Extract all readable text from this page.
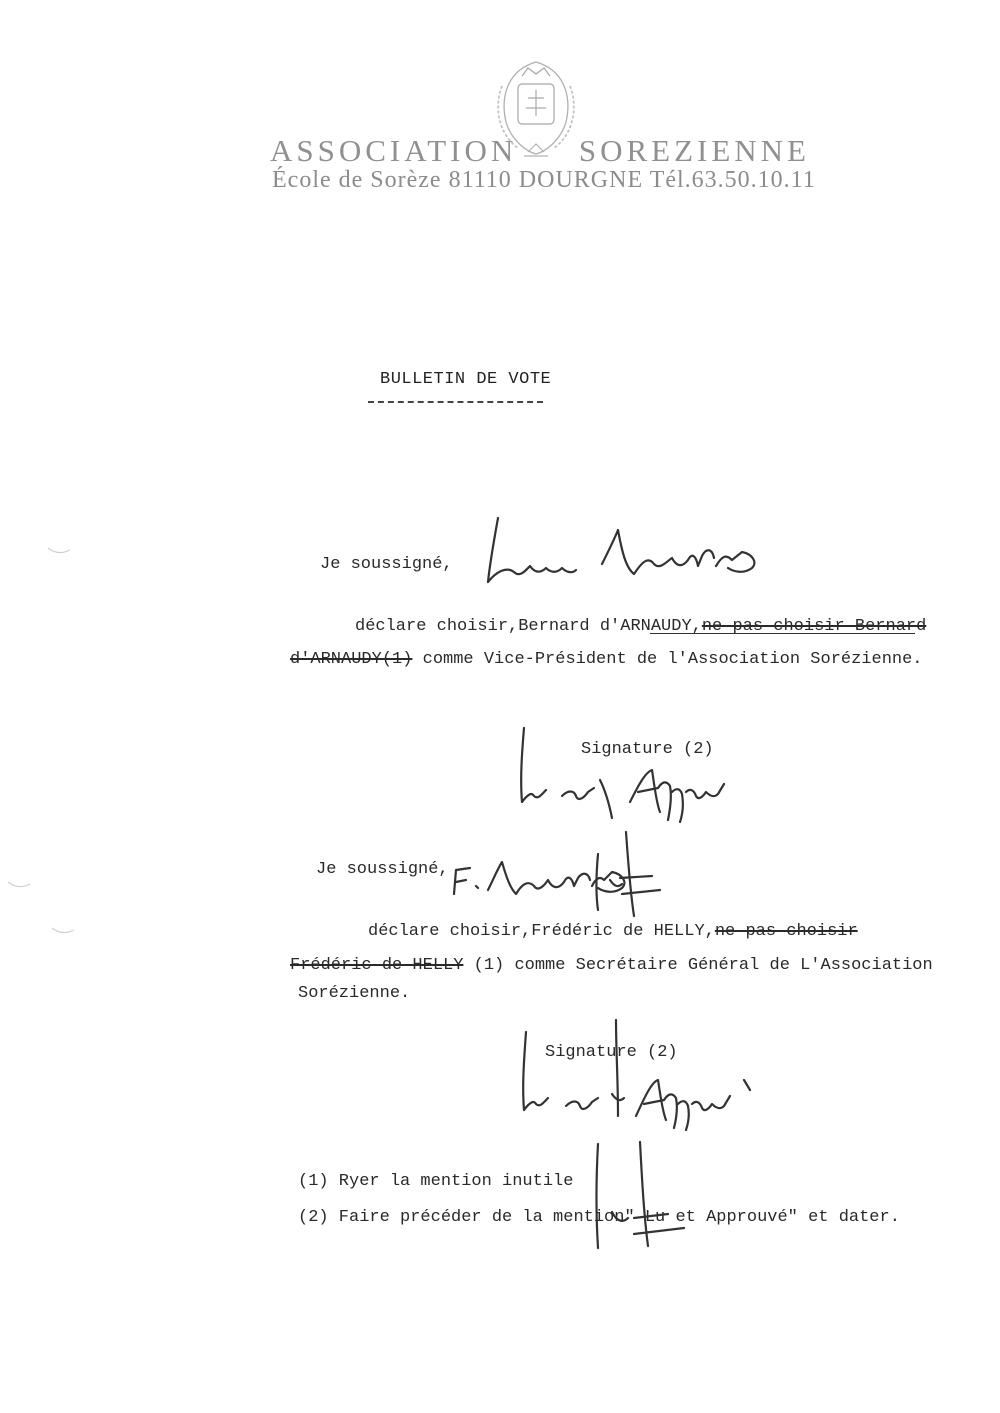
ASSOCIATION SOREZIENNE
École de Sorèze 81110 DOURGNE Tél.63.50.10.11
BULLETIN DE VOTE
Je soussigné,
déclare choisir,Bernard d'ARNAUDY,ne pas choisir Bernard
d'ARNAUDY(1) comme Vice-Président de l'Association Sorézienne.
Signature (2)
Je soussigné,
déclare choisir,Frédéric de HELLY,ne pas choisir
Frédéric de HELLY (1) comme Secrétaire Général de L'Association
Sorézienne.
Signature (2)
(1) Ryer la mention inutile
(2) Faire précéder de la mention" Lu et Approuvé" et dater.
